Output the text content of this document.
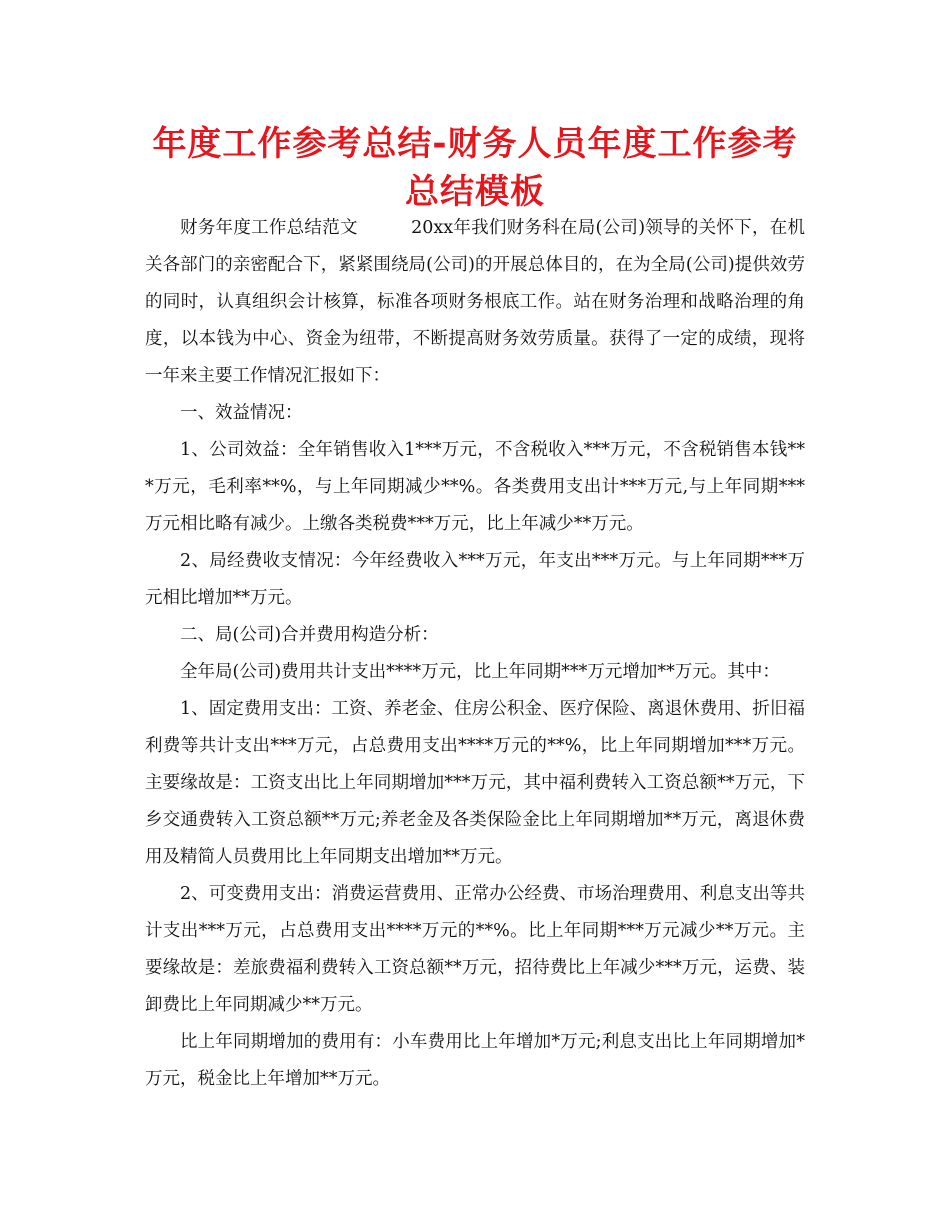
年度工作参考总结-财务人员年度工作参考总结模板

财务年度工作总结范文　　　20xx年我们财务科在局(公司)领导的关怀下，在机关各部门的亲密配合下，紧紧围绕局(公司)的开展总体目的，在为全局(公司)提供效劳的同时，认真组织会计核算，标准各项财务根底工作。站在财务治理和战略治理的角度，以本钱为中心、资金为纽带，不断提高财务效劳质量。获得了一定的成绩，现将一年来主要工作情况汇报如下：

一、效益情况：

1、公司效益：全年销售收入1***万元，不含税收入***万元，不含税销售本钱***万元，毛利率**%，与上年同期减少**%。各类费用支出计***万元,与上年同期***万元相比略有减少。上缴各类税费***万元，比上年减少**万元。

2、局经费收支情况：今年经费收入***万元，年支出***万元。与上年同期***万元相比增加**万元。

二、局(公司)合并费用构造分析：

全年局(公司)费用共计支出****万元，比上年同期***万元增加**万元。其中：

1、固定费用支出：工资、养老金、住房公积金、医疗保险、离退休费用、折旧福利费等共计支出***万元，占总费用支出****万元的**%，比上年同期增加***万元。主要缘故是：工资支出比上年同期增加***万元，其中福利费转入工资总额**万元，下乡交通费转入工资总额**万元;养老金及各类保险金比上年同期增加**万元，离退休费用及精简人员费用比上年同期支出增加**万元。

2、可变费用支出：消费运营费用、正常办公经费、市场治理费用、利息支出等共计支出***万元，占总费用支出****万元的**%。比上年同期***万元减少**万元。主要缘故是：差旅费福利费转入工资总额**万元，招待费比上年减少***万元，运费、装卸费比上年同期减少**万元。

比上年同期增加的费用有：小车费用比上年增加*万元;利息支出比上年同期增加*万元，税金比上年增加**万元。
